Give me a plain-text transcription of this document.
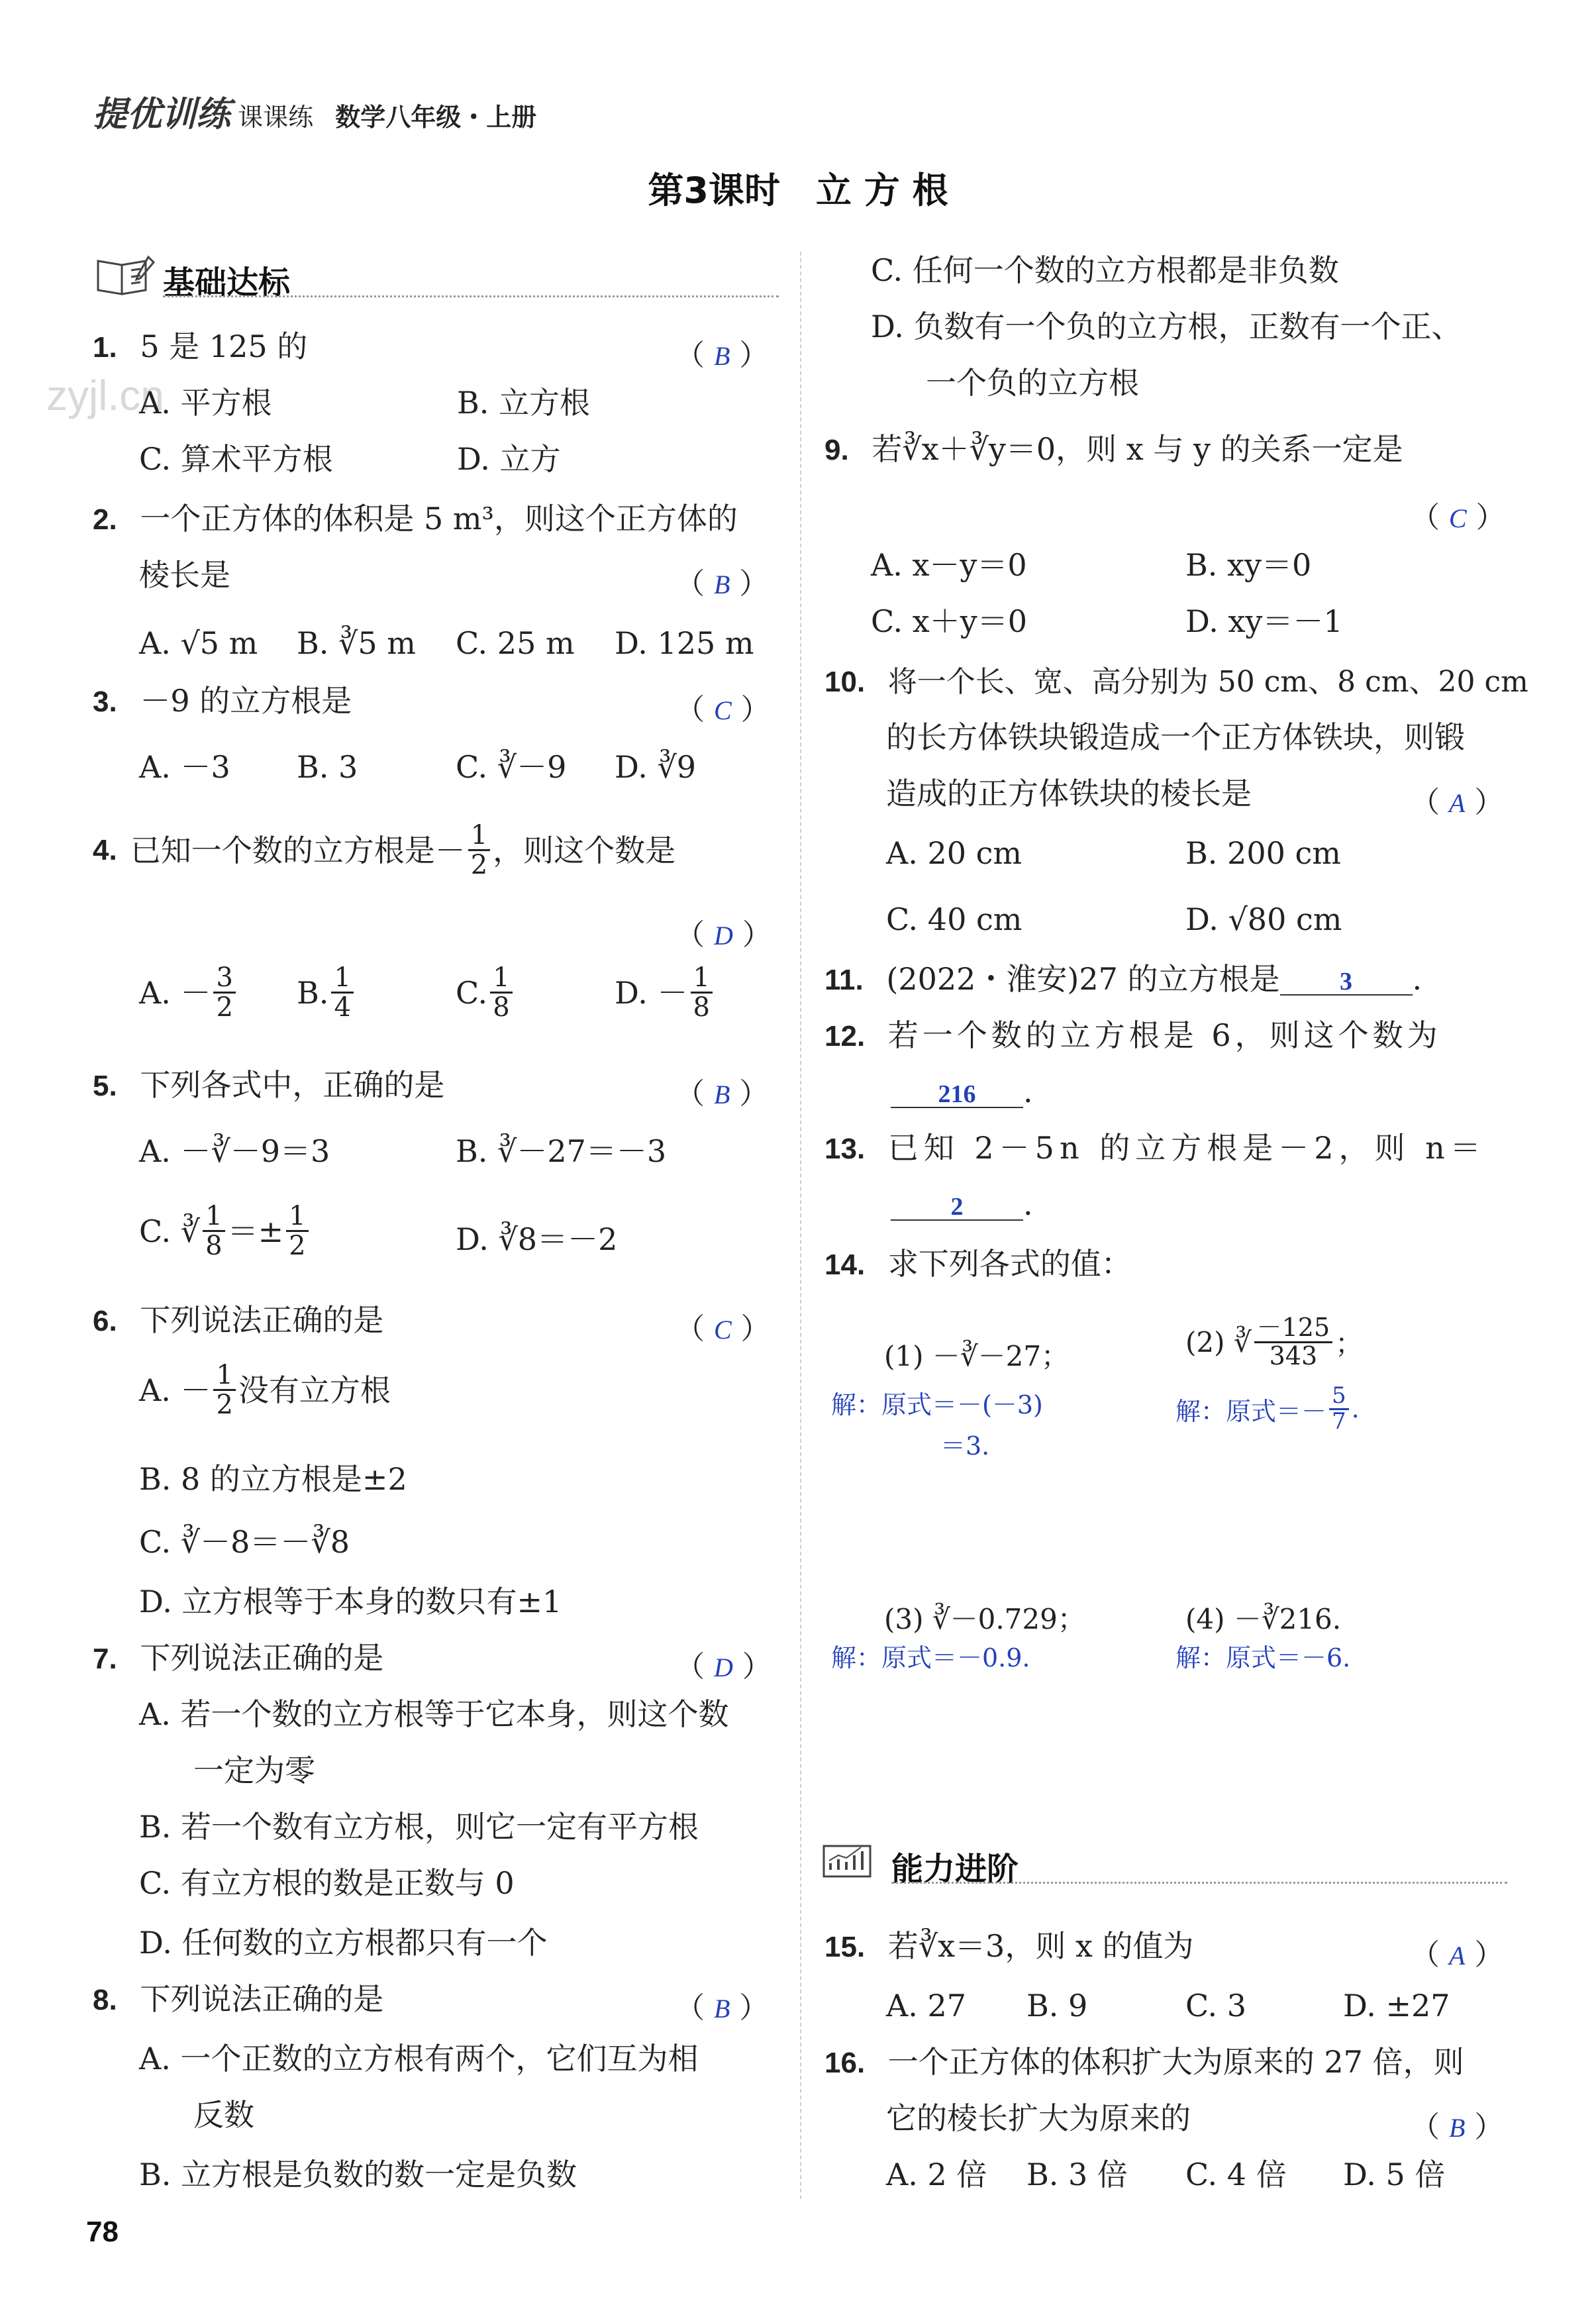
提优训练 课课练 数学八年级・上册
第3课时　立 方 根
zyjl.cn
基础达标
1. 5 是 125 的	（ B ）
A. 平方根	B. 立方根
C. 算术平方根	D. 立方
2. 一个正方体的体积是 5 m³，则这个正方体的
棱长是	（ B ）
A. √5 m B. ∛5 m C. 25 m D. 125 m
3. －9 的立方根是	（ C ）
A. －3 B. 3	C. ∛－9 D. ∛9
4. 已知一个数的立方根是－ $\frac{1}{2}$ ，则这个数是
（ D ）
A. － $\frac{3}{2} B$. $\frac{1}{4}$	C. $\frac{1}{8}$	D. － $\frac{1}{8}$
5. 下列各式中，正确的是	（ B ）
A. －∛－9＝3	B. ∛－27＝－3
C. ∛ $\frac{1}{8} =\pm \frac{1}{2}$	D. ∛8＝－2
6. 下列说法正确的是	（ C ）
A. － $\frac{1}{2}$ 没有立方根
B. 8 的立方根是±2
C. ∛－8＝－∛8
D. 立方根等于本身的数只有±1
7. 下列说法正确的是	（ D ）
A. 若一个数的立方根等于它本身，则这个数
一定为零
B. 若一个数有立方根，则它一定有平方根
C. 有立方根的数是正数与 0
D. 任何数的立方根都只有一个
8. 下列说法正确的是	（ B ）
A. 一个正数的立方根有两个，它们互为相
反数
B. 立方根是负数的数一定是负数
C. 任何一个数的立方根都是非负数
D. 负数有一个负的立方根，正数有一个正、
一个负的立方根
9. 若∛x＋∛y＝0，则 x 与 y 的关系一定是
（ C ）
A. x－y＝0	B. xy＝0
C. x＋y＝0	D. xy＝－1
10. 将一个长、宽、高分别为 50 cm、8 cm、20 cm
的长方体铁块锻造成一个正方体铁块，则锻
造成的正方体铁块的棱长是	（ A ）
A. 20 cm	B. 200 cm
C. 40 cm	D. √80 cm
11. (2022・淮安)27 的立方根是 3 .
12. 若一个数的立方根是 6，则这个数为
216 .
13. 已知 2－5n 的立方根是－2，则 n＝
2 .
14. 求下列各式的值：
(1) －∛－27；	(2) ∛ $\frac{-125}{343}$ ；
解：原式＝－(－3)
＝3.
解：原式＝－ $\frac{5}{7}$ .
(3) ∛－0.729；	(4) －∛216.
解：原式＝－0.9.	解：原式＝－6.
能力进阶
15. 若∛x＝3，则 x 的值为	（ A ）
A. 27 B. 9	C. 3	D. ±27
16. 一个正方体的体积扩大为原来的 27 倍，则
它的棱长扩大为原来的	（ B ）
A. 2 倍 B. 3 倍 C. 4 倍 D. 5 倍
78
